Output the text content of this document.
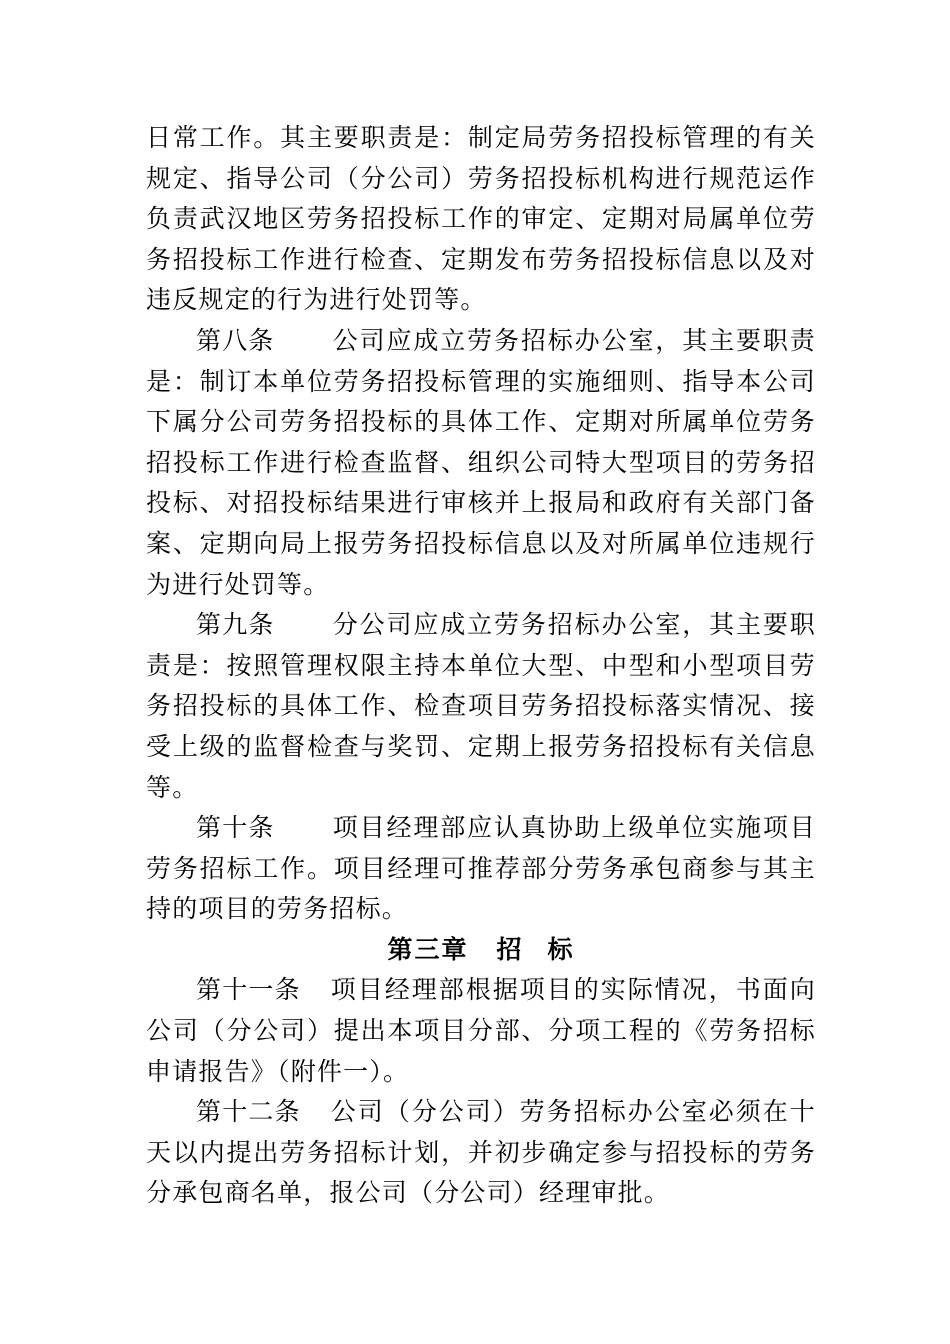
日常工作。其主要职责是：制定局劳务招投标管理的有关规定、指导公司（分公司）劳务招投标机构进行规范运作负责武汉地区劳务招投标工作的审定、定期对局属单位劳务招投标工作进行检查、定期发布劳务招投标信息以及对违反规定的行为进行处罚等。

第八条 公司应成立劳务招标办公室，其主要职责是：制订本单位劳务招投标管理的实施细则、指导本公司下属分公司劳务招投标的具体工作、定期对所属单位劳务招投标工作进行检查监督、组织公司特大型项目的劳务招投标、对招投标结果进行审核并上报局和政府有关部门备案、定期向局上报劳务招投标信息以及对所属单位违规行为进行处罚等。

第九条 分公司应成立劳务招标办公室，其主要职责是：按照管理权限主持本单位大型、中型和小型项目劳务招投标的具体工作、检查项目劳务招投标落实情况、接受上级的监督检查与奖罚、定期上报劳务招投标有关信息等。

第十条 项目经理部应认真协助上级单位实施项目劳务招标工作。项目经理可推荐部分劳务承包商参与其主持的项目的劳务招标。

第三章 招 标

第十一条 项目经理部根据项目的实际情况，书面向公司（分公司）提出本项目分部、分项工程的《劳务招标申请报告》（附件一）。

第十二条 公司（分公司）劳务招标办公室必须在十天以内提出劳务招标计划，并初步确定参与招投标的劳务分承包商名单，报公司（分公司）经理审批。
